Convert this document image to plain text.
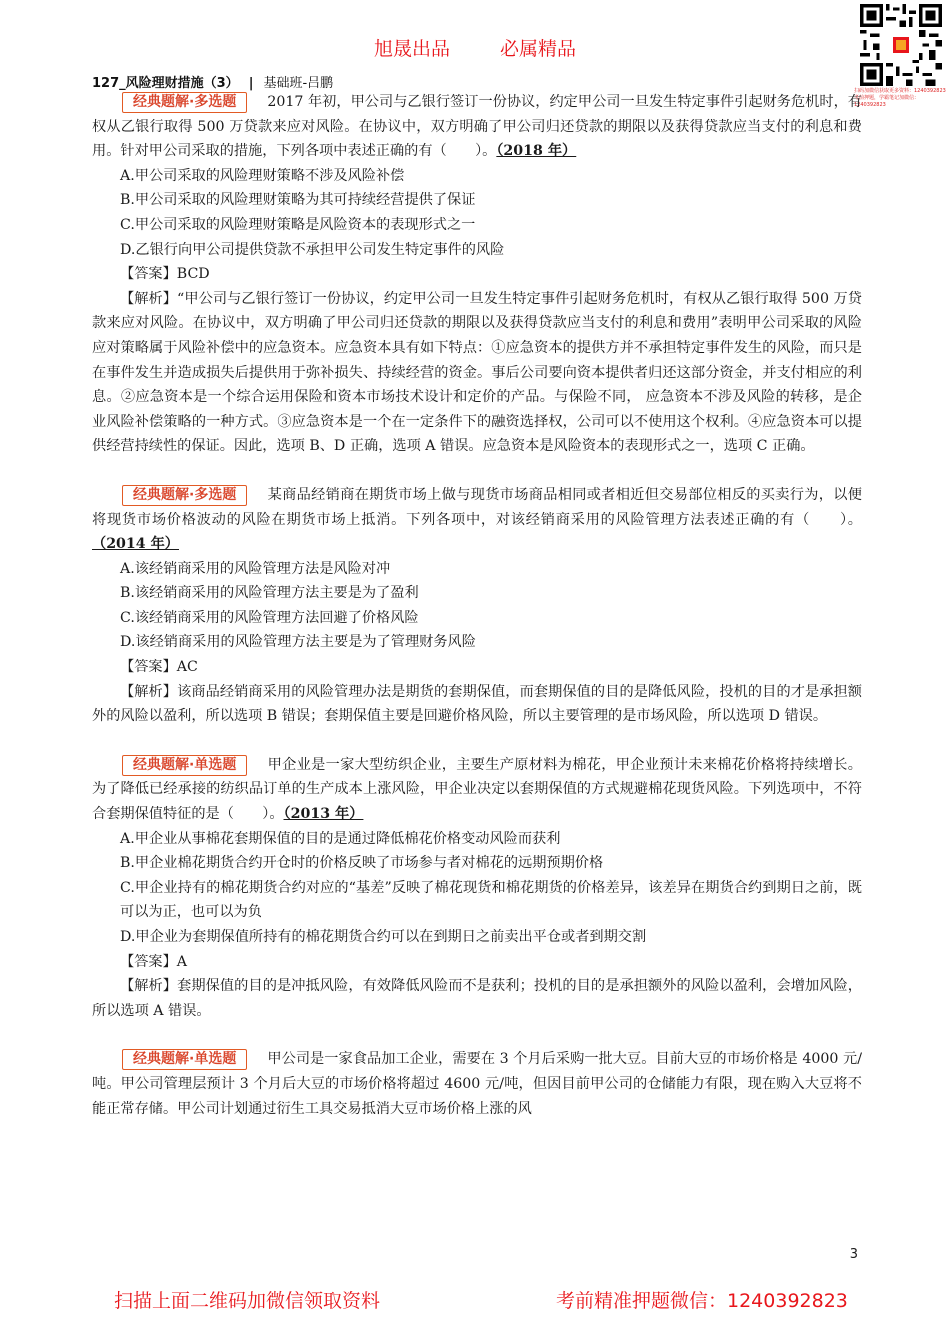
旭晟出品	必属精品
扫码加微信获取更多资料：1240392823 考前押题，学霸笔记加微信：1240392823
127_风险理财措施（3） | 基础班-吕鹏

经典题解·多选题 2017 年初，甲公司与乙银行签订一份协议，约定甲公司一旦发生特定事件引起财务危机时，有权从乙银行取得 500 万贷款来应对风险。在协议中，双方明确了甲公司归还贷款的期限以及获得贷款应当支付的利息和费用。针对甲公司采取的措施，下列各项中表述正确的有（　　）。（2018 年）

A.甲公司采取的风险理财策略不涉及风险补偿

B.甲公司采取的风险理财策略为其可持续经营提供了保证

C.甲公司采取的风险理财策略是风险资本的表现形式之一

D.乙银行向甲公司提供贷款不承担甲公司发生特定事件的风险

【答案】BCD

【解析】“甲公司与乙银行签订一份协议，约定甲公司一旦发生特定事件引起财务危机时，有权从乙银行取得 500 万贷款来应对风险。在协议中，双方明确了甲公司归还贷款的期限以及获得贷款应当支付的利息和费用”表明甲公司采取的风险应对策略属于风险补偿中的应急资本。应急资本具有如下特点：①应急资本的提供方并不承担特定事件发生的风险，而只是在事件发生并造成损失后提供用于弥补损失、持续经营的资金。事后公司要向资本提供者归还这部分资金，并支付相应的利息。②应急资本是一个综合运用保险和资本市场技术设计和定价的产品。与保险不同， 应急资本不涉及风险的转移，是企业风险补偿策略的一种方式。③应急资本是一个在一定条件下的融资选择权，公司可以不使用这个权利。④应急资本可以提供经营持续性的保证。因此，选项 B、D 正确，选项 A 错误。应急资本是风险资本的表现形式之一，选项 C 正确。

经典题解·多选题 某商品经销商在期货市场上做与现货市场商品相同或者相近但交易部位相反的买卖行为，以便将现货市场价格波动的风险在期货市场上抵消。下列各项中，对该经销商采用的风险管理方法表述正确的有（　　）。（2014 年）

A.该经销商采用的风险管理方法是风险对冲

B.该经销商采用的风险管理方法主要是为了盈利

C.该经销商采用的风险管理方法回避了价格风险

D.该经销商采用的风险管理方法主要是为了管理财务风险

【答案】AC

【解析】该商品经销商采用的风险管理办法是期货的套期保值，而套期保值的目的是降低风险，投机的目的才是承担额外的风险以盈利，所以选项 B 错误；套期保值主要是回避价格风险，所以主要管理的是市场风险，所以选项 D 错误。

经典题解·单选题 甲企业是一家大型纺织企业，主要生产原材料为棉花，甲企业预计未来棉花价格将持续增长。为了降低已经承接的纺织品订单的生产成本上涨风险，甲企业决定以套期保值的方式规避棉花现货风险。下列选项中，不符合套期保值特征的是（　　）。（2013 年）

A.甲企业从事棉花套期保值的目的是通过降低棉花价格变动风险而获利

B.甲企业棉花期货合约开仓时的价格反映了市场参与者对棉花的远期预期价格

C.甲企业持有的棉花期货合约对应的“基差”反映了棉花现货和棉花期货的价格差异，该差异在期货合约到期日之前，既可以为正，也可以为负

D.甲企业为套期保值所持有的棉花期货合约可以在到期日之前卖出平仓或者到期交割

【答案】A

【解析】套期保值的目的是冲抵风险，有效降低风险而不是获利；投机的目的是承担额外的风险以盈利，会增加风险，所以选项 A 错误。

经典题解·单选题 甲公司是一家食品加工企业，需要在 3 个月后采购一批大豆。目前大豆的市场价格是 4000 元/吨。甲公司管理层预计 3 个月后大豆的市场价格将超过 4600 元/吨，但因目前甲公司的仓储能力有限，现在购入大豆将不能正常存储。甲公司计划通过衍生工具交易抵消大豆市场价格上涨的风

3
扫描上面二维码加微信领取资料	考前精准押题微信：1240392823
